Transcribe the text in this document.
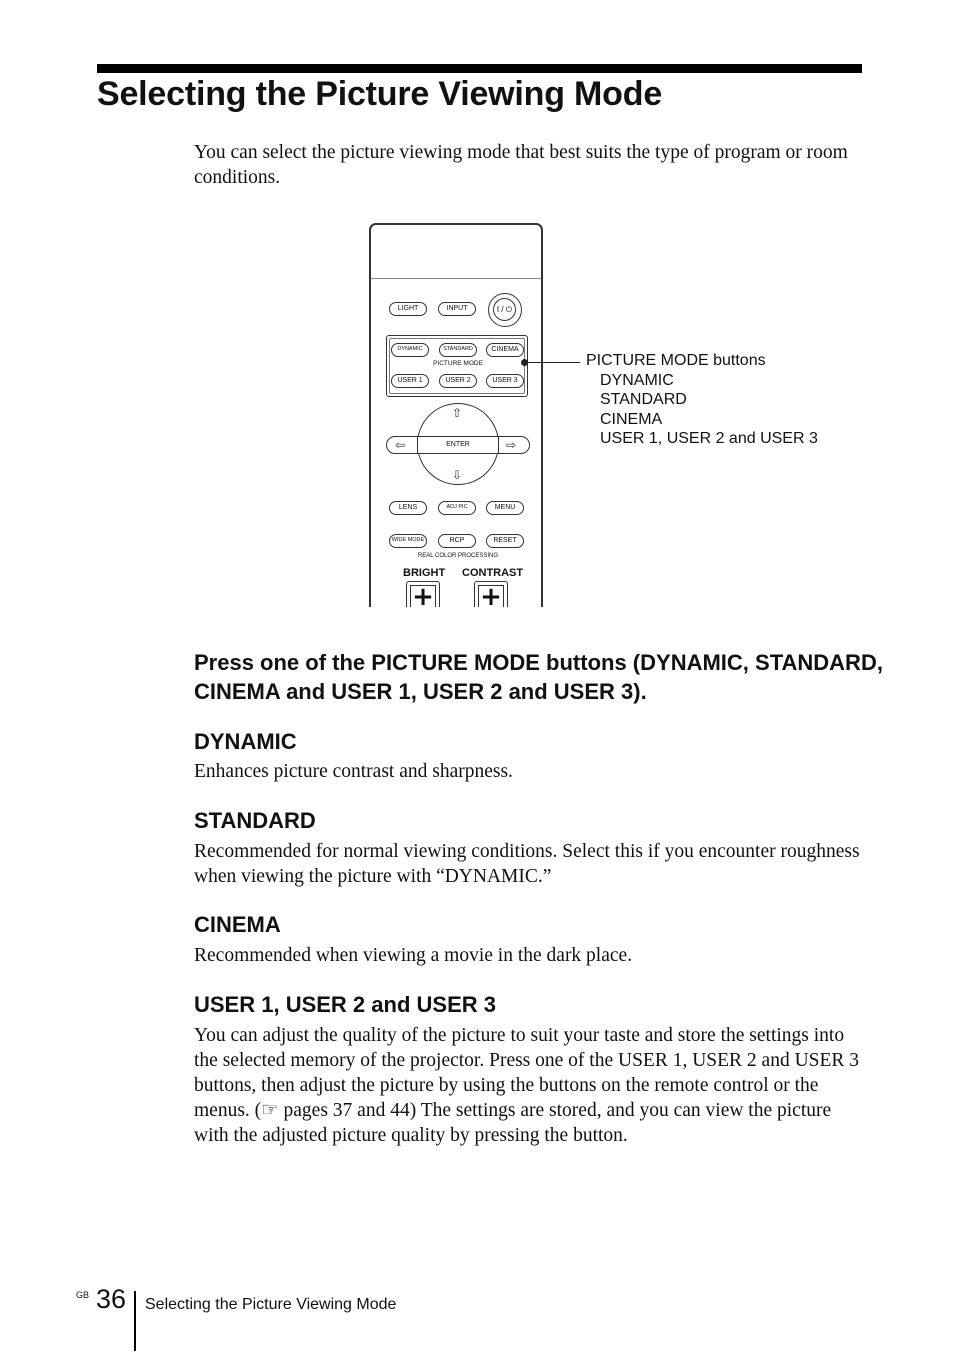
Selecting the Picture Viewing Mode

You can select the picture viewing mode that best suits the type of program or room conditions.

LIGHT	INPUT	I / ⏻
DYNAMIC	STANDARD	CINEMA
PICTURE MODE
USER 1	USER 2	USER 3
ENTER
⇧
⇩
⇦	⇨
LENS	ADJ PIC	MENU
WIDE MODE	RCP	RESET
REAL COLOR PROCESSING
BRIGHT CONTRAST
+ +
PICTURE MODE buttons
DYNAMIC
STANDARD
CINEMA
USER 1, USER 2 and USER 3
Press one of the PICTURE MODE buttons (DYNAMIC, STANDARD, CINEMA and USER 1, USER 2 and USER 3).
DYNAMIC

Enhances picture contrast and sharpness.

STANDARD

Recommended for normal viewing conditions. Select this if you encounter roughness when viewing the picture with “DYNAMIC.”

CINEMA

Recommended when viewing a movie in the dark place.

USER 1, USER 2 and USER 3

You can adjust the quality of the picture to suit your taste and store the settings into the selected memory of the projector. Press one of the USER 1, USER 2 and USER 3 buttons, then adjust the picture by using the buttons on the remote control or the menus. (☞ pages 37 and 44) The settings are stored, and you can view the picture with the adjusted picture quality by pressing the button.

GB 36 Selecting the Picture Viewing Mode
